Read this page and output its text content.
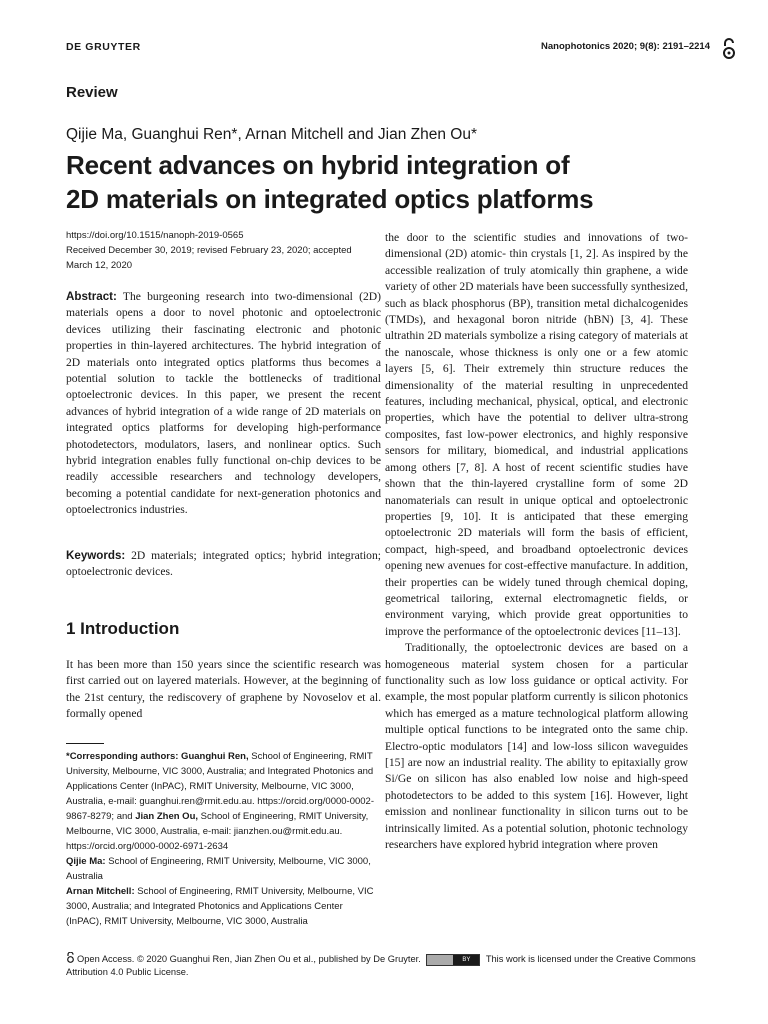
DE GRUYTER	Nanophotonics 2020; 9(8): 2191–2214
Review
Qijie Ma, Guanghui Ren*, Arnan Mitchell and Jian Zhen Ou*
Recent advances on hybrid integration of
2D materials on integrated optics platforms
https://doi.org/10.1515/nanoph-2019-0565
Received December 30, 2019; revised February 23, 2020; accepted
March 12, 2020

Abstract: The burgeoning research into two-dimensional (2D) materials opens a door to novel photonic and optoelectronic devices utilizing their fascinating electronic and photonic properties in thin-layered architectures. The hybrid integration of 2D materials onto integrated optics platforms thus becomes a potential solution to tackle the bottlenecks of traditional optoelectronic devices. In this paper, we present the recent advances of hybrid integration of a wide range of 2D materials on integrated optics platforms for developing high-performance photodetectors, modulators, lasers, and nonlinear optics. Such hybrid integration enables fully functional on-chip devices to be readily accessible researchers and technology developers, becoming a potential candidate for next-generation photonics and optoelectronics industries.

Keywords: 2D materials; integrated optics; hybrid integration; optoelectronic devices.

1 Introduction

It has been more than 150 years since the scientific research was first carried out on layered materials. However, at the beginning of the 21st century, the rediscovery of graphene by Novoselov et al. formally opened

*Corresponding authors: Guanghui Ren, School of Engineering, RMIT University, Melbourne, VIC 3000, Australia; and Integrated Photonics and Applications Center (InPAC), RMIT University, Melbourne, VIC 3000, Australia, e-mail: guanghui.ren@rmit.edu.au. https://orcid.org/0000-0002-9867-8279; and Jian Zhen Ou, School of Engineering, RMIT University, Melbourne, VIC 3000, Australia, e-mail: jianzhen.ou@rmit.edu.au. https://orcid.org/0000-0002-6971-2634

Qijie Ma: School of Engineering, RMIT University, Melbourne, VIC 3000, Australia

Arnan Mitchell: School of Engineering, RMIT University, Melbourne, VIC 3000, Australia; and Integrated Photonics and Applications Center (InPAC), RMIT University, Melbourne, VIC 3000, Australia

the door to the scientific studies and innovations of two-dimensional (2D) atomic- thin crystals [1, 2]. As inspired by the accessible realization of truly atomically thin graphene, a wide variety of other 2D materials have been successfully synthesized, such as black phosphorus (BP), transition metal dichalcogenides (TMDs), and hexagonal boron nitride (hBN) [3, 4]. These ultrathin 2D materials symbolize a rising category of materials at the nanoscale, whose thickness is only one or a few atomic layers [5, 6]. Their extremely thin structure reduces the dimensionality of the material resulting in unprecedented features, including mechanical, physical, optical, and electronic properties, which have the potential to deliver ultra-strong composites, fast low-power electronics, and highly responsive sensors for military, biomedical, and industrial applications among others [7, 8]. A host of recent scientific studies have shown that the thin-layered crystalline form of some 2D nanomaterials can result in unique optical and optoelectronic properties [9, 10]. It is anticipated that these emerging optoelectronic 2D materials will form the basis of efficient, compact, high-speed, and broadband optoelectronic devices opening new avenues for cost-effective manufacture. In addition, their properties can be widely tuned through chemical doping, geometrical tailoring, external electromagnetic fields, or environment varying, which provide great opportunities to improve the performance of the optoelectronic devices [11–13].

Traditionally, the optoelectronic devices are based on a homogeneous material system chosen for a particular functionality such as low loss guidance or optical activity. For example, the most popular platform currently is silicon photonics which has emerged as a mature technological platform allowing multiple optical functions to be integrated onto the same chip. Electro-optic modulators [14] and low-loss silicon waveguides [15] are now an industrial reality. The ability to epitaxially grow Si/Ge on silicon has also enabled low noise and high-speed photodetectors to be added to this system [16]. However, light emission and nonlinear functionality in silicon turns out to be intrinsically limited. As a potential solution, photonic technology researchers have explored hybrid integration where proven

Open Access. © 2020 Guanghui Ren, Jian Zhen Ou et al., published by De Gruyter.	BY	This work is licensed under the Creative Commons
Attribution 4.0 Public License.
